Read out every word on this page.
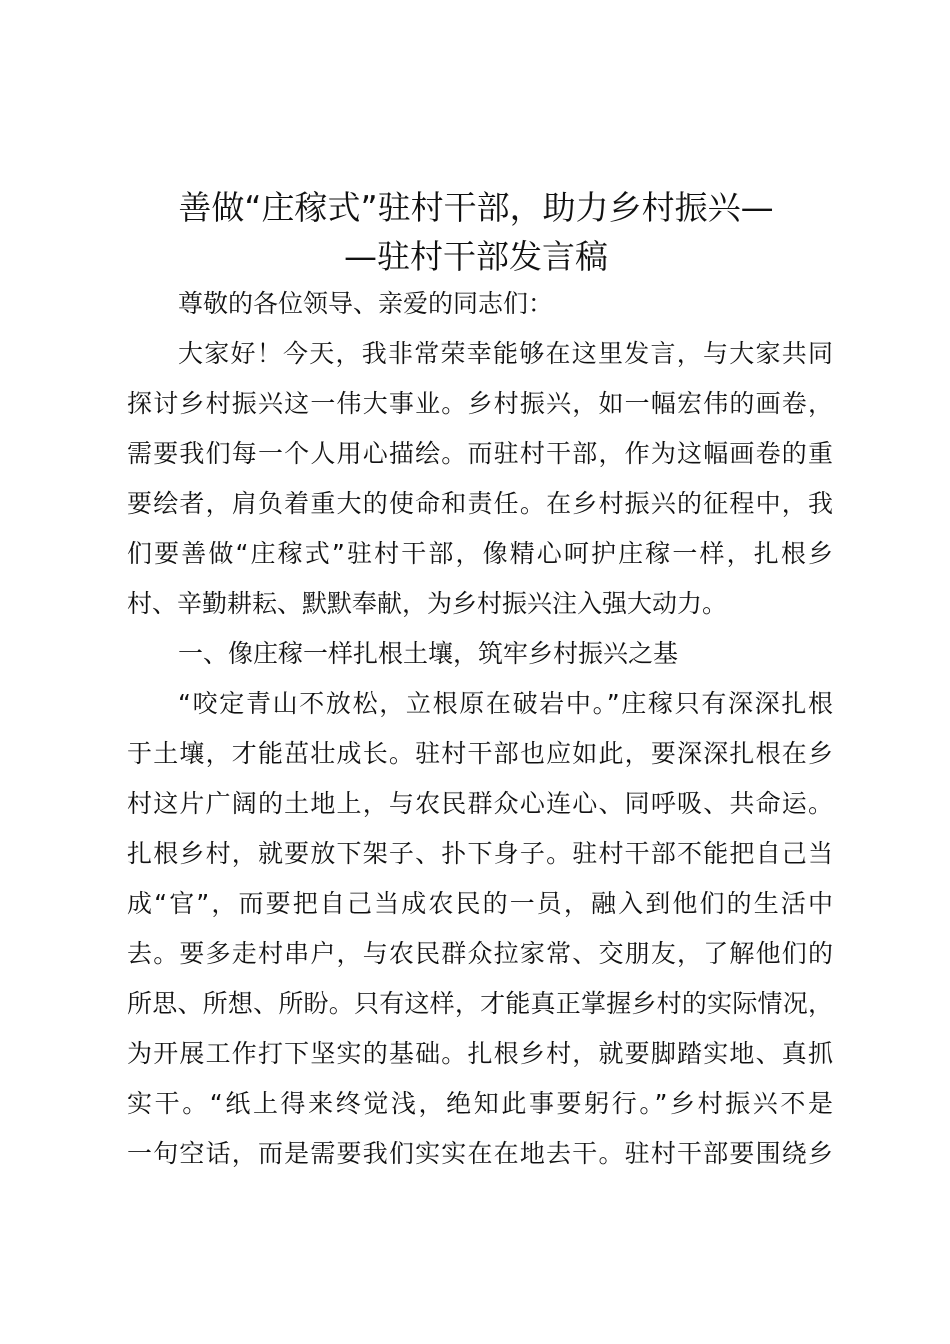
善做“庄稼式”驻村干部，助力乡村振兴—
—驻村干部发言稿
尊敬的各位领导、亲爱的同志们：
大家好！今天，我非常荣幸能够在这里发言，与大家共同
探讨乡村振兴这一伟大事业。乡村振兴，如一幅宏伟的画卷，
需要我们每一个人用心描绘。而驻村干部，作为这幅画卷的重
要绘者，肩负着重大的使命和责任。在乡村振兴的征程中，我
们要善做“庄稼式”驻村干部，像精心呵护庄稼一样，扎根乡
村、辛勤耕耘、默默奉献，为乡村振兴注入强大动力。
一、像庄稼一样扎根土壤，筑牢乡村振兴之基
“咬定青山不放松，立根原在破岩中。”庄稼只有深深扎根
于土壤，才能茁壮成长。驻村干部也应如此，要深深扎根在乡
村这片广阔的土地上，与农民群众心连心、同呼吸、共命运。
扎根乡村，就要放下架子、扑下身子。驻村干部不能把自己当
成“官”，而要把自己当成农民的一员，融入到他们的生活中
去。要多走村串户，与农民群众拉家常、交朋友，了解他们的
所思、所想、所盼。只有这样，才能真正掌握乡村的实际情况，
为开展工作打下坚实的基础。扎根乡村，就要脚踏实地、真抓
实干。“纸上得来终觉浅，绝知此事要躬行。”乡村振兴不是
一句空话，而是需要我们实实在在地去干。驻村干部要围绕乡
